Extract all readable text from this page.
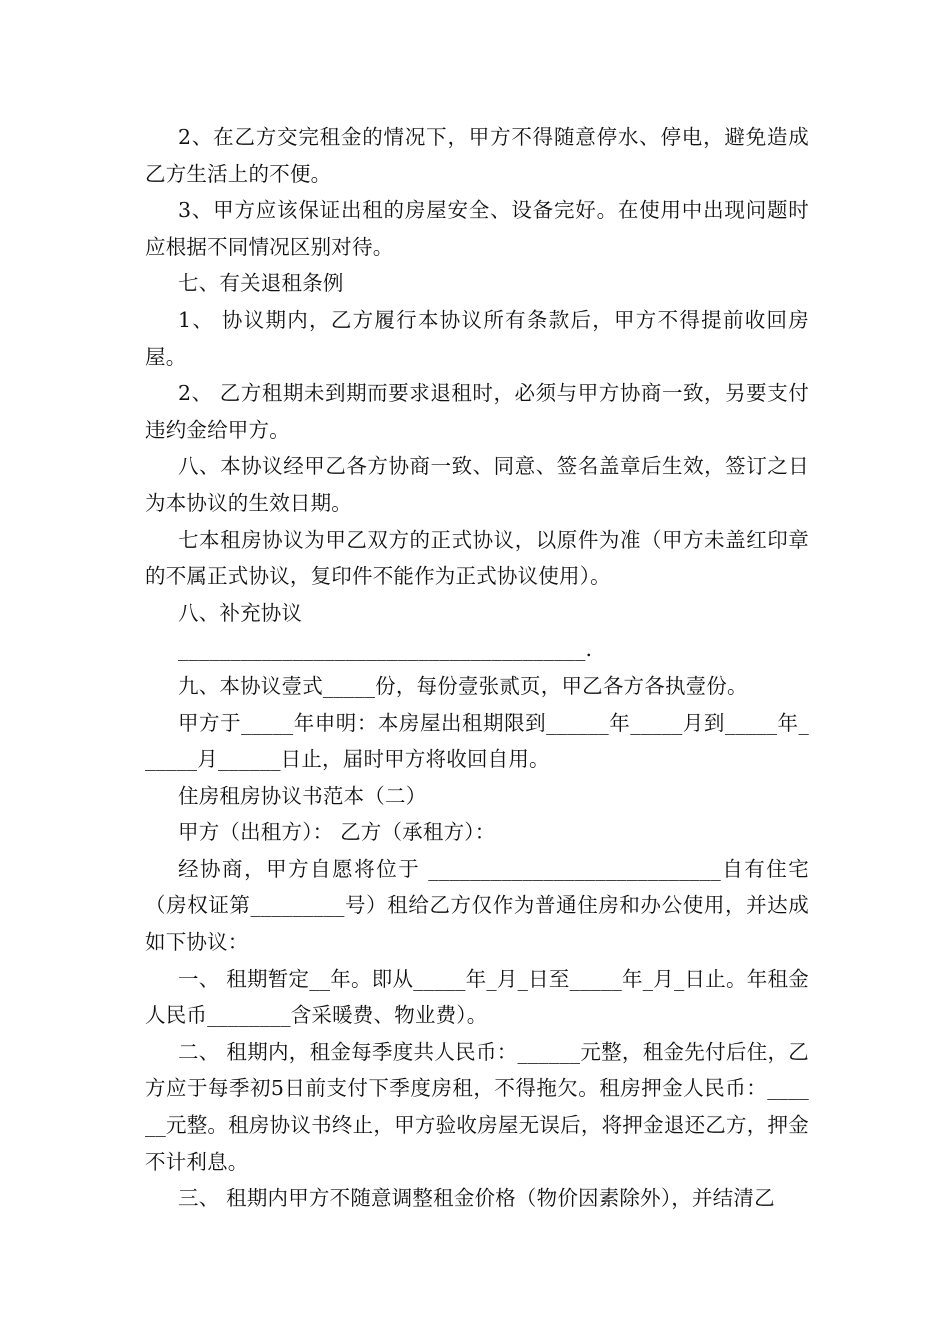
2、在乙方交完租金的情况下，甲方不得随意停水、停电，避免造成乙方生活上的不便。

3、甲方应该保证出租的房屋安全、设备完好。在使用中出现问题时应根据不同情况区别对待。

七、有关退租条例

1、 协议期内，乙方履行本协议所有条款后，甲方不得提前收回房屋。

2、 乙方租期未到期而要求退租时，必须与甲方协商一致，另要支付违约金给甲方。

八、本协议经甲乙各方协商一致、同意、签名盖章后生效，签订之日为本协议的生效日期。

七本租房协议为甲乙双方的正式协议，以原件为准（甲方未盖红印章的不属正式协议，复印件不能作为正式协议使用）。

八、补充协议

_______________________________________.

九、本协议壹式_____份，每份壹张贰页，甲乙各方各执壹份。

甲方于_____年申明：本房屋出租期限到______年_____月到_____年______月______日止，届时甲方将收回自用。

住房租房协议书范本（二）

甲方（出租方）： 乙方（承租方）：

经协商，甲方自愿将位于 ____________________________自有住宅（房权证第_________号）租给乙方仅作为普通住房和办公使用，并达成如下协议：

一、 租期暂定__年。即从_____年_月_日至_____年_月_日止。年租金人民币________含采暖费、物业费）。

二、 租期内，租金每季度共人民币：______元整，租金先付后住，乙方应于每季初5日前支付下季度房租，不得拖欠。租房押金人民币：______元整。租房协议书终止，甲方验收房屋无误后，将押金退还乙方，押金不计利息。

三、 租期内甲方不随意调整租金价格（物价因素除外），并结清乙
